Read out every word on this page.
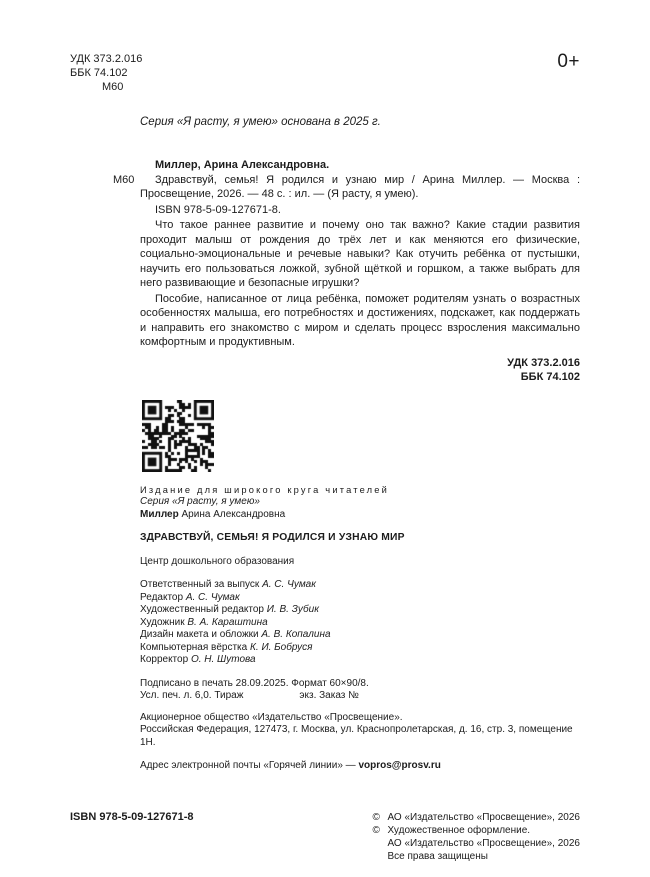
УДК 373.2.016
ББК 74.102
М60
0+
Серия «Я расту, я умею» основана в 2025 г.
Миллер, Арина Александровна.
М60	Здравствуй, семья! Я родился и узнаю мир / Арина Миллер. — Москва : Просвещение, 2026. — 48 с. : ил. — (Я расту, я умею).

ISBN 978-5-09-127671-8.

Что такое раннее развитие и почему оно так важно? Какие стадии развития проходит малыш от рождения до трёх лет и как меняются его физические, социально-эмоциональные и речевые навыки? Как отучить ребёнка от пустышки, научить его пользоваться ложкой, зубной щёткой и горшком, а также выбрать для него развивающие и безопасные игрушки?

Пособие, написанное от лица ребёнка, поможет родителям узнать о возрастных особенностях малыша, его потребностях и достижениях, подскажет, как поддержать и направить его знакомство с миром и сделать процесс взросления максимально комфортным и продуктивным.

УДК 373.2.016
ББК 74.102
Издание для широкого круга читателей
Серия «Я расту, я умею»
Миллер Арина Александровна
ЗДРАВСТВУЙ, СЕМЬЯ! Я РОДИЛСЯ И УЗНАЮ МИР
Центр дошкольного образования
Ответственный за выпуск А. С. Чумак
Редактор А. С. Чумак
Художественный редактор И. В. Зубик
Художник В. А. Караштина
Дизайн макета и обложки А. В. Копалина
Компьютерная вёрстка К. И. Бобруся
Корректор О. Н. Шутова
Подписано в печать 28.09.2025. Формат 60×90/8.
Усл. печ. л. 6,0. Тираж	экз. Заказ №
Акционерное общество «Издательство «Просвещение».
Российская Федерация, 127473, г. Москва, ул. Краснопролетарская, д. 16, стр. 3, помещение 1Н.
Адрес электронной почты «Горячей линии» — vopros@prosv.ru
ISBN 978-5-09-127671-8	© АО «Издательство «Просвещение», 2026
© Художественное оформление.
АО «Издательство «Просвещение», 2026
Все права защищены
